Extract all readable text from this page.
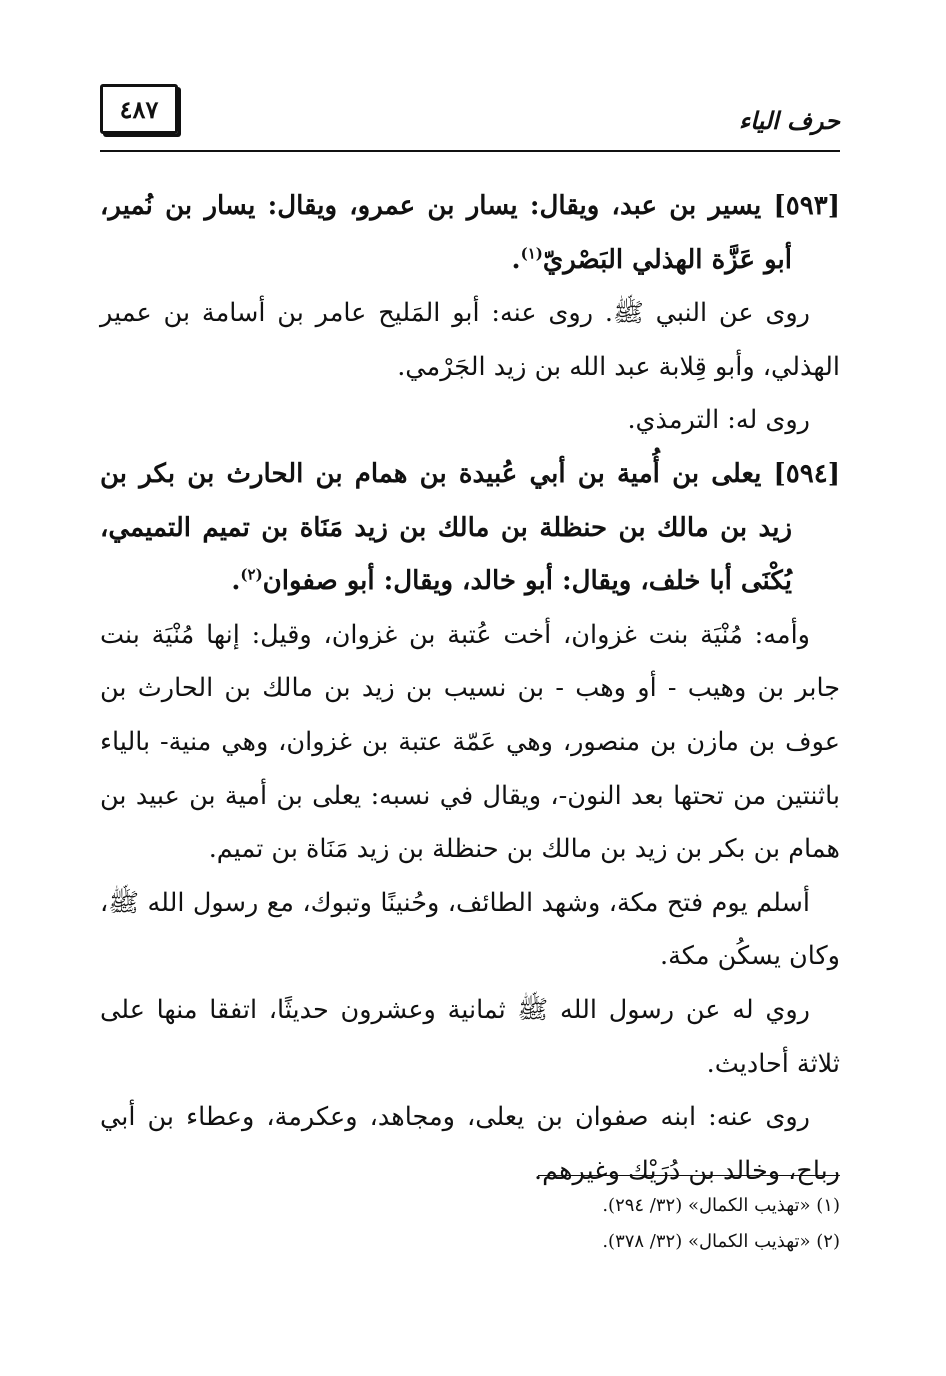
٤٨٧	حرف الياء

[٥٩٣] يسير بن عبد، ويقال: يسار بن عمرو، ويقال: يسار بن نُمير، أبو عَزَّة الهذلي البَصْريّ$^{(١)}$.

روى عن النبي ﷺ. روى عنه: أبو المَليح عامر بن أسامة بن عمير الهذلي، وأبو قِلابة عبد الله بن زيد الجَرْمي.

روى له: الترمذي.

[٥٩٤] يعلى بن أُمية بن أبي عُبيدة بن همام بن الحارث بن بكر بن زيد بن مالك بن حنظلة بن مالك بن زيد مَنَاة بن تميم التميمي، يُكْنَى أبا خلف، ويقال: أبو خالد، ويقال: أبو صفوان$^{(٢)}$.

وأمه: مُنْيَة بنت غزوان، أخت عُتبة بن غزوان، وقيل: إنها مُنْيَة بنت جابر بن وهيب - أو وهب - بن نسيب بن زيد بن مالك بن الحارث بن عوف بن مازن بن منصور، وهي عَمّة عتبة بن غزوان، وهي منية- بالياء باثنتين من تحتها بعد النون-، ويقال في نسبه: يعلى بن أمية بن عبيد بن همام بن بكر بن زيد بن مالك بن حنظلة بن زيد مَنَاة بن تميم.

أسلم يوم فتح مكة، وشهد الطائف، وحُنينًا وتبوك، مع رسول الله ﷺ، وكان يسكُن مكة.

روي له عن رسول الله ﷺ ثمانية وعشرون حديثًا، اتفقا منها على ثلاثة أحاديث.

روى عنه: ابنه صفوان بن يعلى، ومجاهد، وعكرمة، وعطاء بن أبي رباح، وخالد بن دُرَيْك وغيرهم.

(١) «تهذيب الكمال» (٣٢/ ٢٩٤).

(٢) «تهذيب الكمال» (٣٢/ ٣٧٨).
